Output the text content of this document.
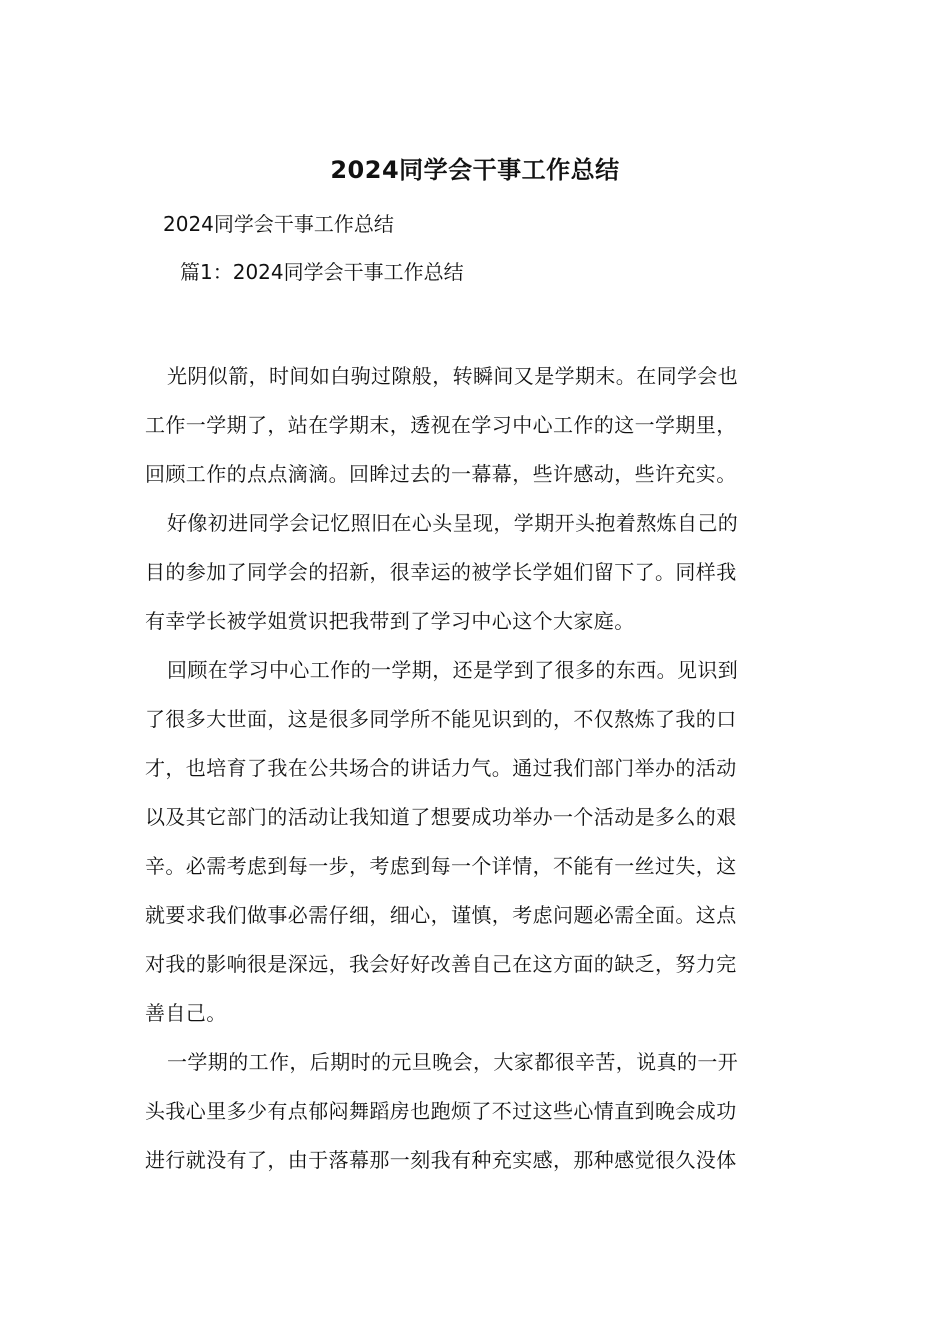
2024同学会干事工作总结
2024同学会干事工作总结
篇1：2024同学会干事工作总结
光阴似箭，时间如白驹过隙般，转瞬间又是学期末。在同学会也
工作一学期了，站在学期末，透视在学习中心工作的这一学期里，
回顾工作的点点滴滴。回眸过去的一幕幕，些许感动，些许充实。
好像初进同学会记忆照旧在心头呈现，学期开头抱着熬炼自己的
目的参加了同学会的招新，很幸运的被学长学姐们留下了。同样我
有幸学长被学姐赏识把我带到了学习中心这个大家庭。
回顾在学习中心工作的一学期，还是学到了很多的东西。见识到
了很多大世面，这是很多同学所不能见识到的，不仅熬炼了我的口
才，也培育了我在公共场合的讲话力气。通过我们部门举办的活动
以及其它部门的活动让我知道了想要成功举办一个活动是多么的艰
辛。必需考虑到每一步，考虑到每一个详情，不能有一丝过失，这
就要求我们做事必需仔细，细心，谨慎，考虑问题必需全面。这点
对我的影响很是深远，我会好好改善自己在这方面的缺乏，努力完
善自己。
一学期的工作，后期时的元旦晚会，大家都很辛苦，说真的一开
头我心里多少有点郁闷舞蹈房也跑烦了不过这些心情直到晚会成功
进行就没有了，由于落幕那一刻我有种充实感，那种感觉很久没体
